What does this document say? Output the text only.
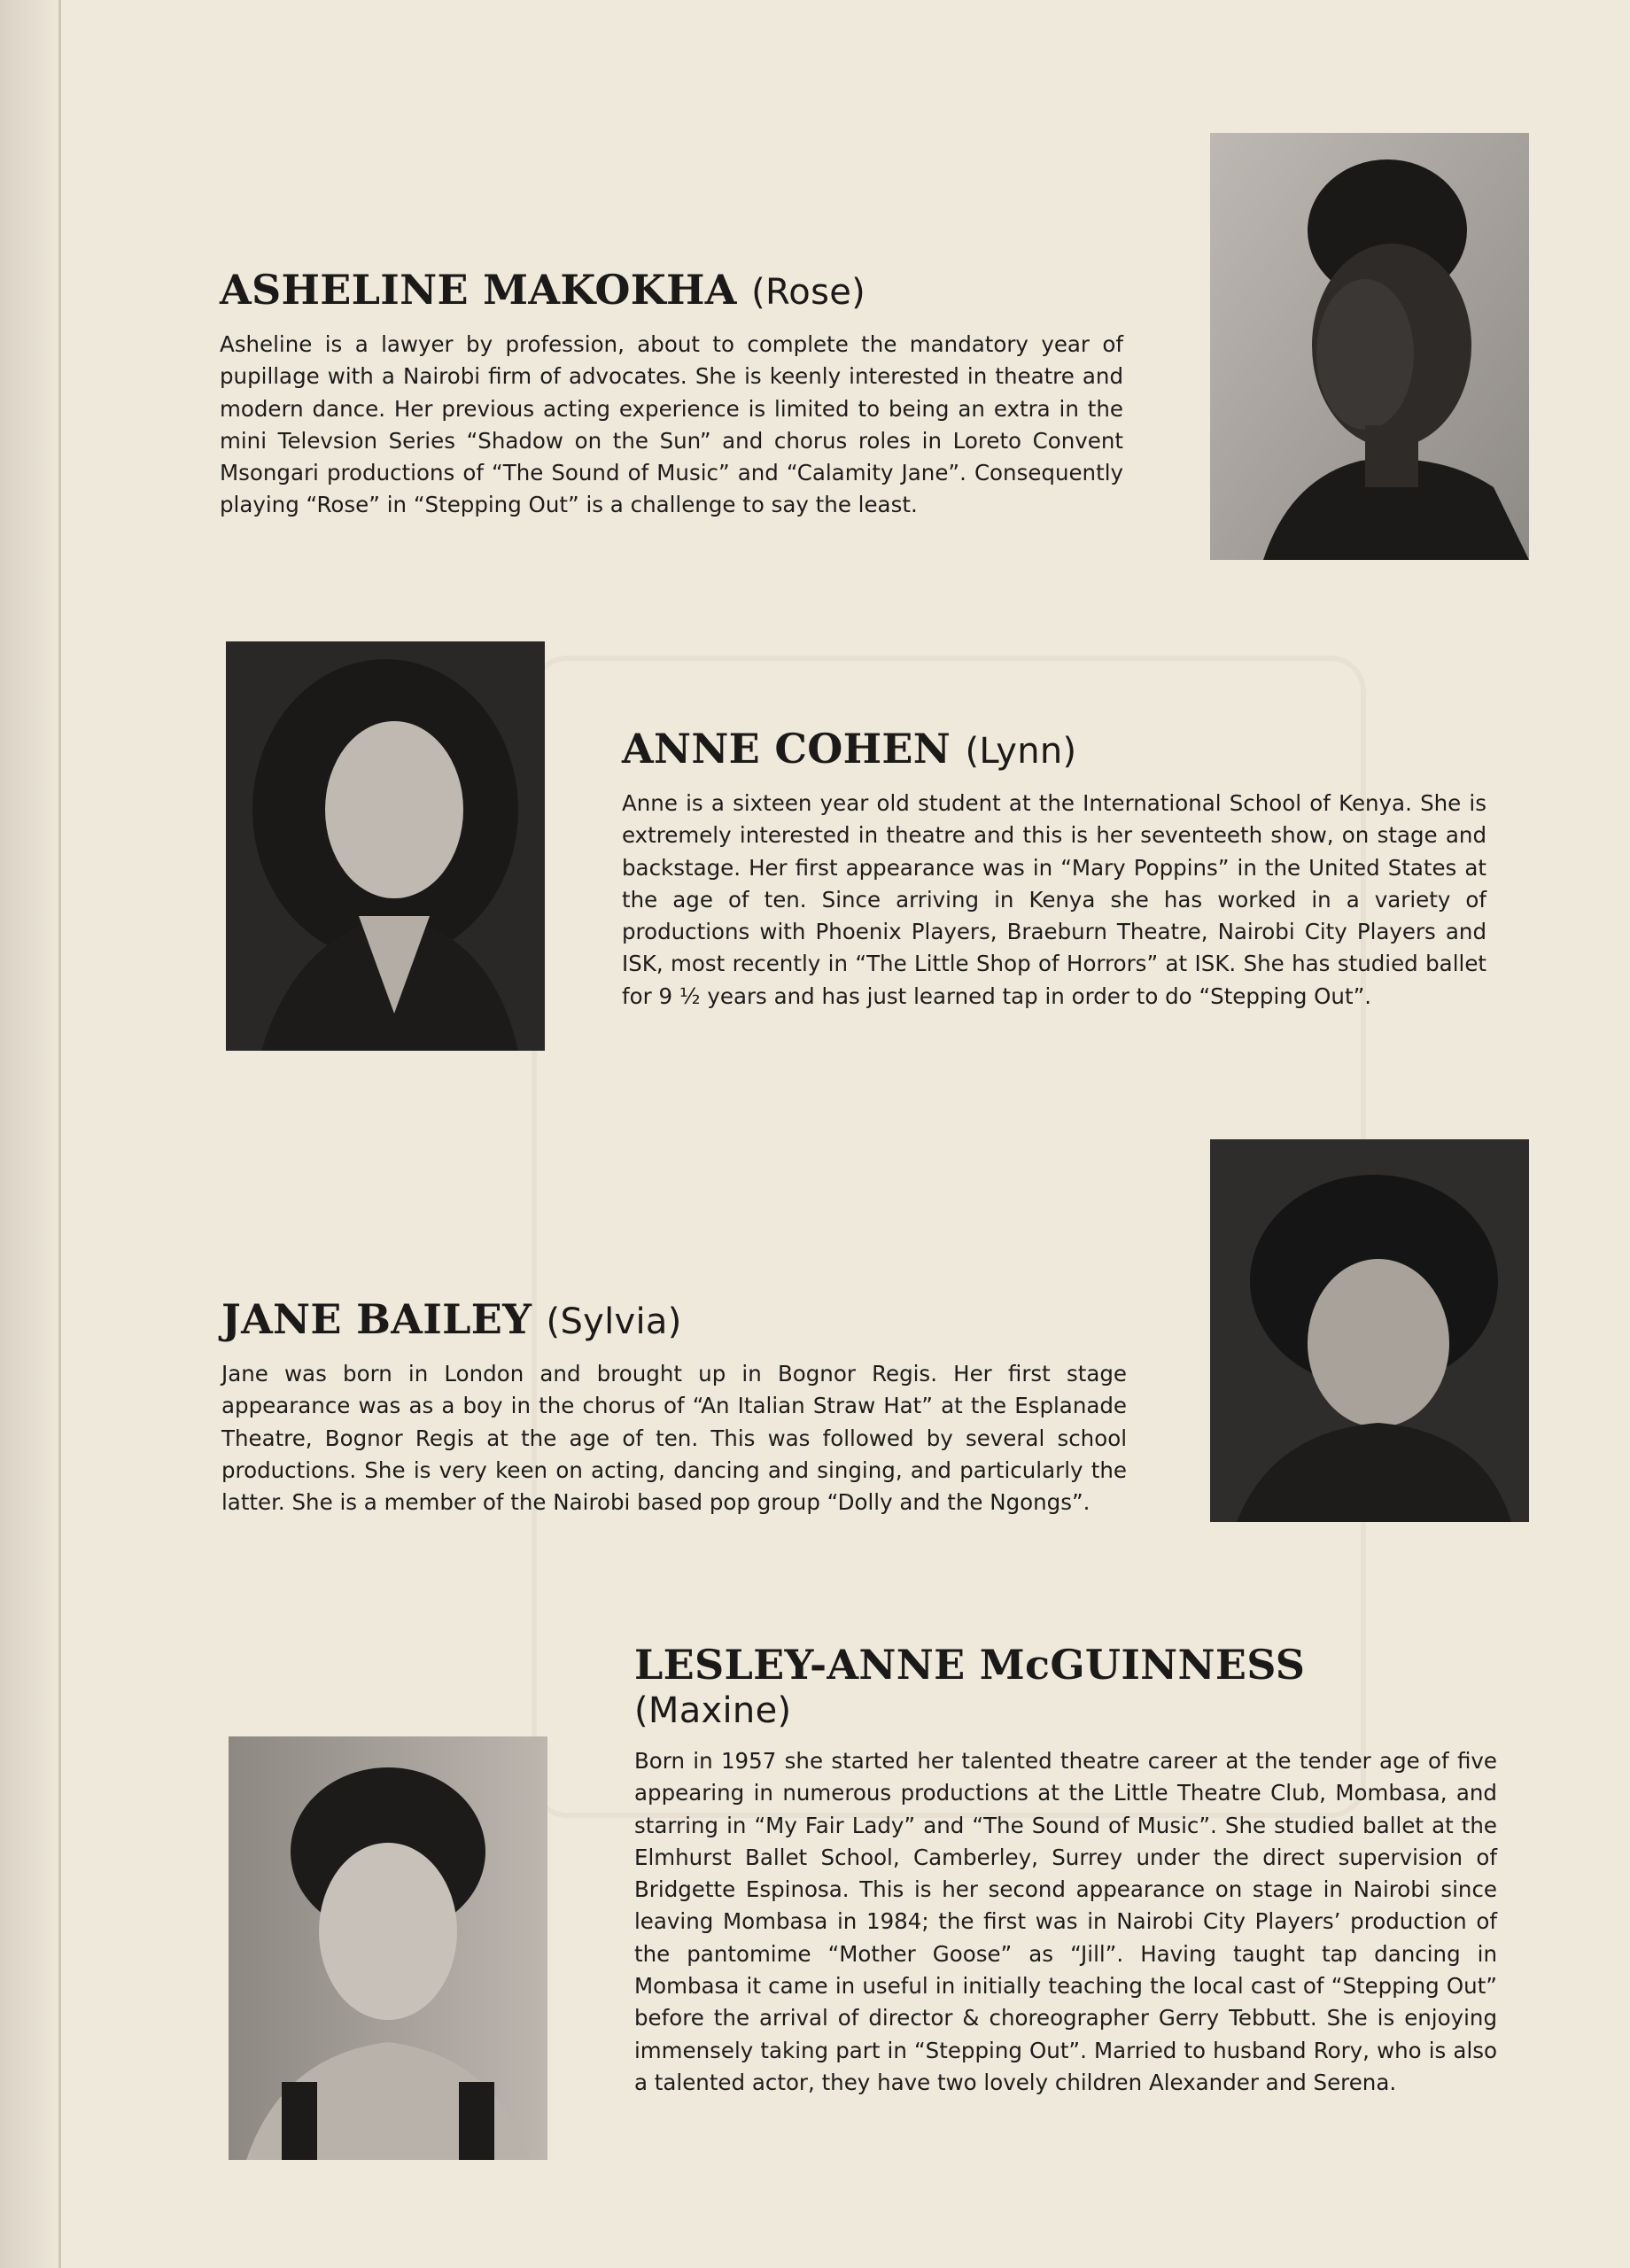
ASHELINE MAKOKHA (Rose)

Asheline is a lawyer by profession, about to complete the mandatory year of pupillage with a Nairobi firm of advocates. She is keenly interested in theatre and modern dance. Her previous acting experience is limited to being an extra in the mini Televsion Series “Shadow on the Sun” and chorus roles in Loreto Convent Msongari productions of “The Sound of Music” and “Calamity Jane”. Consequently playing “Rose” in “Stepping Out” is a challenge to say the least.

ANNE COHEN (Lynn)

Anne is a sixteen year old student at the International School of Kenya. She is extremely interested in theatre and this is her seventeeth show, on stage and backstage. Her first appearance was in “Mary Poppins” in the United States at the age of ten. Since arriving in Kenya she has worked in a variety of productions with Phoenix Players, Braeburn Theatre, Nairobi City Players and ISK, most recently in “The Little Shop of Horrors” at ISK. She has studied ballet for 9 ½ years and has just learned tap in order to do “Stepping Out”.

JANE BAILEY (Sylvia)

Jane was born in London and brought up in Bognor Regis. Her first stage appearance was as a boy in the chorus of “An Italian Straw Hat” at the Esplanade Theatre, Bognor Regis at the age of ten. This was followed by several school productions. She is very keen on acting, dancing and singing, and particularly the latter. She is a member of the Nairobi based pop group “Dolly and the Ngongs”.

LESLEY-ANNE McGUINNESS
(Maxine)

Born in 1957 she started her talented theatre career at the tender age of five appearing in numerous productions at the Little Theatre Club, Mombasa, and starring in “My Fair Lady” and “The Sound of Music”. She studied ballet at the Elmhurst Ballet School, Camberley, Surrey under the direct supervision of Bridgette Espinosa. This is her second appearance on stage in Nairobi since leaving Mombasa in 1984; the first was in Nairobi City Players’ production of the pantomime “Mother Goose” as “Jill”. Having taught tap dancing in Mombasa it came in useful in initially teaching the local cast of “Stepping Out” before the arrival of director & choreographer Gerry Tebbutt. She is enjoying immensely taking part in “Stepping Out”. Married to husband Rory, who is also a talented actor, they have two lovely children Alexander and Serena.
